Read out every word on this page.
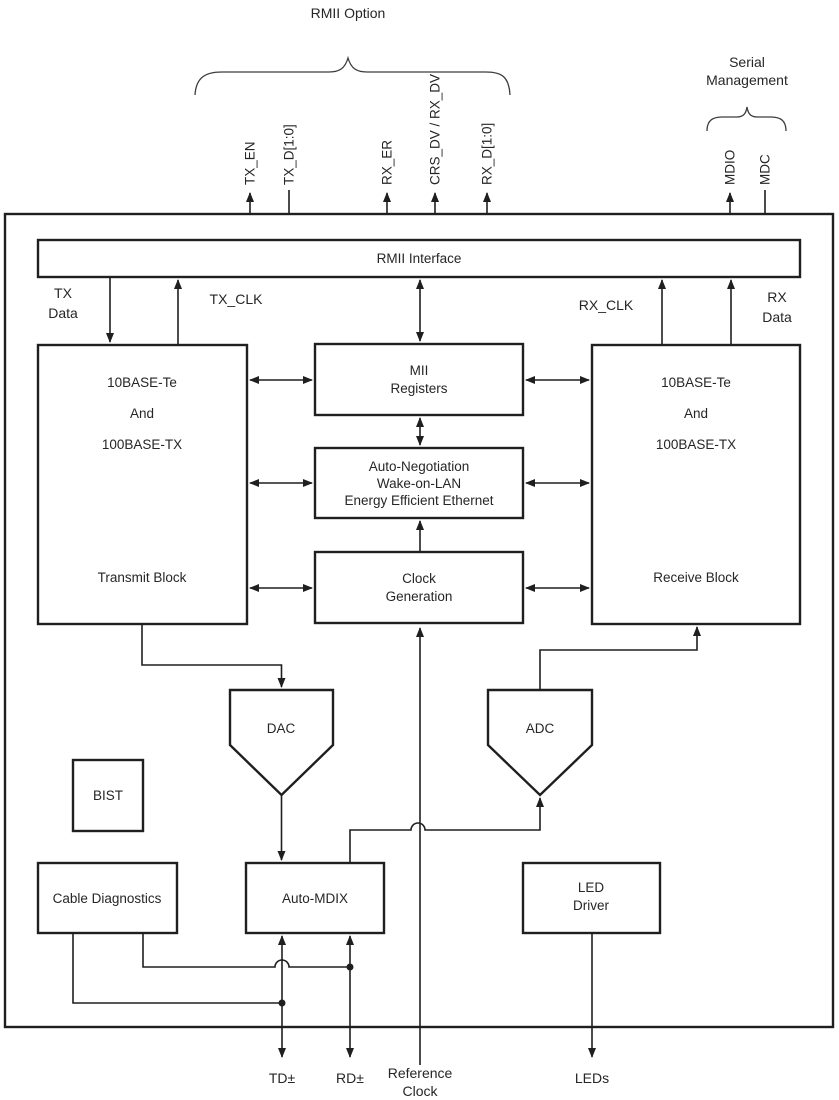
RMII Option
Serial
Management
TX_EN TX_D[1:0]	RX_ER CRS_DV / RX_DV	RX_D[1:0]	MDIO MDC
RMII Interface
TX
Data
TX_CLK	RX_CLK	RX
Data
10BASE-Te
And
100BASE-TX
Transmit Block
10BASE-Te
And
100BASE-TX
Receive Block
MII
Registers
Auto-Negotiation
Wake-on-LAN
Energy Efficient Ethernet
Clock
Generation
DAC	ADC
BIST
Cable Diagnostics	Auto-MDIX
LED
Driver
TD±	RD± Reference
Clock
LEDs
